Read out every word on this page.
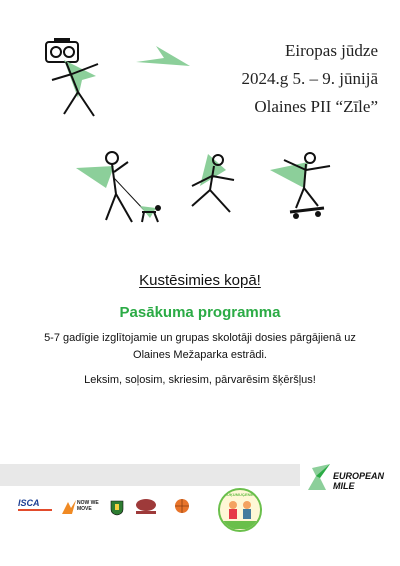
Eiropas jūdze
2024.g 5. – 9. jūnijā
Olaines PII “Zīle”
Kustēsimies kopā!
Pasākuma programma
5-7 gadīgie izglītojamie un grupas skolotāji dosies pārgājienā uz Olaines Mežaparka estrādi.
Leksim, soļosim, skriesim, pārvarēsim šķēršļus!
EUROPEAN MILE
ISCA	NOW WE MOVE
RŪĶUMUĢENES
